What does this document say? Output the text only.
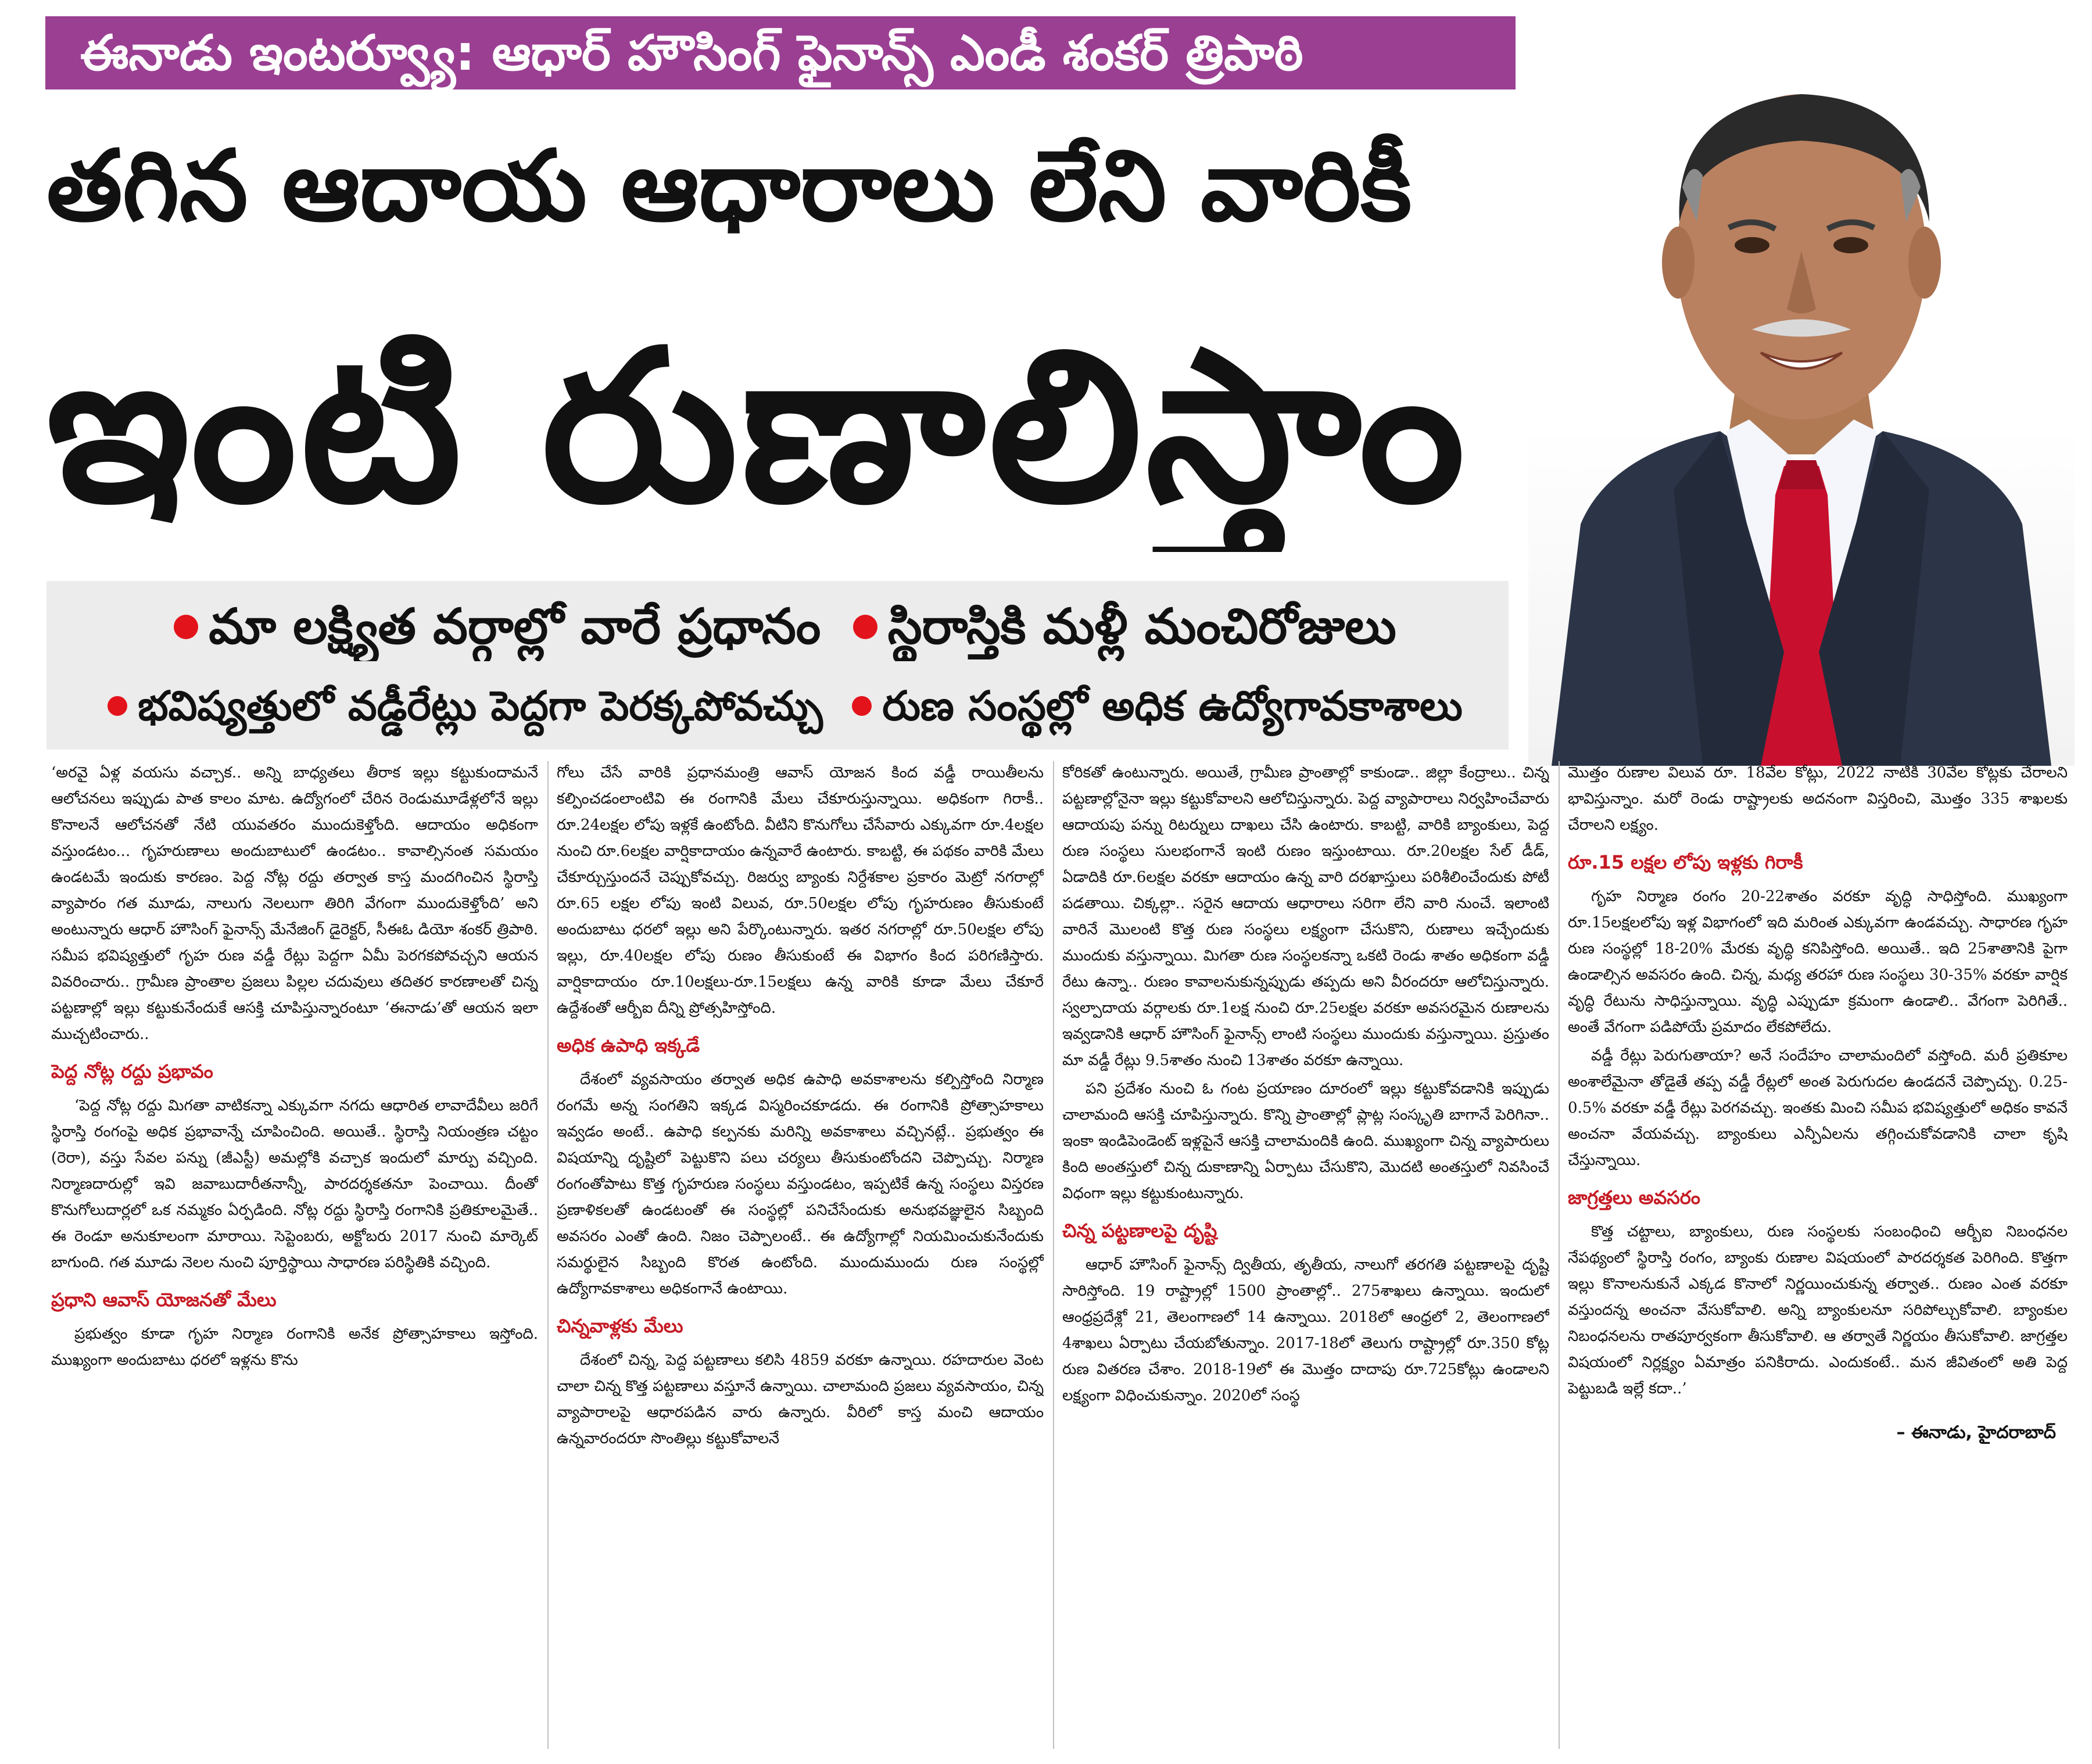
ఈనాడు ఇంటర్వ్యూ: ఆధార్ హౌసింగ్ ఫైనాన్స్ ఎండీ శంకర్ త్రిపాఠి
తగిన ఆదాయ ఆధారాలు లేని వారికీ
ఇంటి రుణాలిస్తాం
మా లక్ష్యిత వర్గాల్లో వారే ప్రధానం స్థిరాస్తికి మళ్లీ మంచిరోజులు
భవిష్యత్తులో వడ్డీరేట్లు పెద్దగా పెరక్కపోవచ్చు రుణ సంస్థల్లో అధిక ఉద్యోగావకాశాలు

‘అరవై ఏళ్ల వయసు వచ్చాక.. అన్ని బాధ్యతలు తీరాక ఇల్లు కట్టుకుందామనే ఆలోచనలు ఇప్పుడు పాత కాలం మాట. ఉద్యోగంలో చేరిన రెండుమూడేళ్లలోనే ఇల్లు కొనాలనే ఆలోచనతో నేటి యువతరం ముందుకెళ్తోంది. ఆదాయం అధికంగా వస్తుండటం... గృహరుణాలు అందుబాటులో ఉండటం.. కావాల్సినంత సమయం ఉండటమే ఇందుకు కారణం. పెద్ద నోట్ల రద్దు తర్వాత కాస్త మందగించిన స్థిరాస్తి వ్యాపారం గత మూడు, నాలుగు నెలలుగా తిరిగి వేగంగా ముందుకెళ్తోంది’ అని అంటున్నారు ఆధార్ హౌసింగ్ ఫైనాన్స్ మేనేజింగ్ డైరెక్టర్, సీఈఓ డియో శంకర్ త్రిపాఠి. సమీప భవిష్యత్తులో గృహ రుణ వడ్డీ రేట్లు పెద్దగా ఏమీ పెరగకపోవచ్చని ఆయన వివరించారు.. గ్రామీణ ప్రాంతాల ప్రజలు పిల్లల చదువులు తదితర కారణాలతో చిన్న పట్టణాల్లో ఇల్లు కట్టుకునేందుకే ఆసక్తి చూపిస్తున్నారంటూ ‘ఈనాడు’తో ఆయన ఇలా ముచ్చటించారు..

పెద్ద నోట్ల రద్దు ప్రభావం

‘పెద్ద నోట్ల రద్దు మిగతా వాటికన్నా ఎక్కువగా నగదు ఆధారిత లావాదేవీలు జరిగే స్థిరాస్తి రంగంపై అధిక ప్రభావాన్నే చూపించింది. అయితే.. స్థిరాస్తి నియంత్రణ చట్టం (రెరా), వస్తు సేవల పన్ను (జీఎస్టీ) అమల్లోకి వచ్చాక ఇందులో మార్పు వచ్చింది. నిర్మాణదారుల్లో ఇవి జవాబుదారీతనాన్నీ, పారదర్శకతనూ పెంచాయి. దీంతో కొనుగోలుదార్లలో ఒక నమ్మకం ఏర్పడింది. నోట్ల రద్దు స్థిరాస్తి రంగానికి ప్రతికూలమైతే.. ఈ రెండూ అనుకూలంగా మారాయి. సెప్టెంబరు, అక్టోబరు 2017 నుంచి మార్కెట్ బాగుంది. గత మూడు నెలల నుంచి పూర్తిస్థాయి సాధారణ పరిస్థితికి వచ్చింది.

ప్రధాని ఆవాస్ యోజనతో మేలు

ప్రభుత్వం కూడా గృహ నిర్మాణ రంగానికి అనేక ప్రోత్సాహకాలు ఇస్తోంది. ముఖ్యంగా అందుబాటు ధరలో ఇళ్లను కొను

గోలు చేసే వారికి ప్రధానమంత్రి ఆవాస్ యోజన కింద వడ్డీ రాయితీలను కల్పించడంలాంటివి ఈ రంగానికి మేలు చేకూరుస్తున్నాయి. అధికంగా గిరాకీ.. రూ.24లక్షల లోపు ఇళ్లకే ఉంటోంది. వీటిని కొనుగోలు చేసేవారు ఎక్కువగా రూ.4లక్షల నుంచి రూ.6లక్షల వార్షికాదాయం ఉన్నవారే ఉంటారు. కాబట్టి, ఈ పథకం వారికి మేలు చేకూర్చుస్తుందనే చెప్పుకోవచ్చు. రిజర్వు బ్యాంకు నిర్దేశకాల ప్రకారం మెట్రో నగరాల్లో రూ.65 లక్షల లోపు ఇంటి విలువ, రూ.50లక్షల లోపు గృహరుణం తీసుకుంటే అందుబాటు ధరలో ఇల్లు అని పేర్కొంటున్నారు. ఇతర నగరాల్లో రూ.50లక్షల లోపు ఇల్లు, రూ.40లక్షల లోపు రుణం తీసుకుంటే ఈ విభాగం కింద పరిగణిస్తారు. వార్షికాదాయం రూ.10లక్షలు-రూ.15లక్షలు ఉన్న వారికి కూడా మేలు చేకూరే ఉద్దేశంతో ఆర్బీఐ దీన్ని ప్రోత్సహిస్తోంది.

అధిక ఉపాధి ఇక్కడే

దేశంలో వ్యవసాయం తర్వాత అధిక ఉపాధి అవకాశాలను కల్పిస్తోంది నిర్మాణ రంగమే అన్న సంగతిని ఇక్కడ విస్మరించకూడదు. ఈ రంగానికి ప్రోత్సాహకాలు ఇవ్వడం అంటే.. ఉపాధి కల్పనకు మరిన్ని అవకాశాలు వచ్చినట్లే.. ప్రభుత్వం ఈ విషయాన్ని దృష్టిలో పెట్టుకొని పలు చర్యలు తీసుకుంటోందని చెప్పొచ్చు. నిర్మాణ రంగంతోపాటు కొత్త గృహరుణ సంస్థలు వస్తుండటం, ఇప్పటికే ఉన్న సంస్థలు విస్తరణ ప్రణాళికలతో ఉండటంతో ఈ సంస్థల్లో పనిచేసేందుకు అనుభవజ్ఞులైన సిబ్బంది అవసరం ఎంతో ఉంది. నిజం చెప్పాలంటే.. ఈ ఉద్యోగాల్లో నియమించుకునేందుకు సమర్థులైన సిబ్బంది కొరత ఉంటోంది. ముందుముందు రుణ సంస్థల్లో ఉద్యోగావకాశాలు అధికంగానే ఉంటాయి.

చిన్నవాళ్లకు మేలు

దేశంలో చిన్న, పెద్ద పట్టణాలు కలిసి 4859 వరకూ ఉన్నాయి. రహదారుల వెంట చాలా చిన్న కొత్త పట్టణాలు వస్తూనే ఉన్నాయి. చాలామంది ప్రజలు వ్యవసాయం, చిన్న వ్యాపారాలపై ఆధారపడిన వారు ఉన్నారు. వీరిలో కాస్త మంచి ఆదాయం ఉన్నవారందరూ సొంతిల్లు కట్టుకోవాలనే

కోరికతో ఉంటున్నారు. అయితే, గ్రామీణ ప్రాంతాల్లో కాకుండా.. జిల్లా కేంద్రాలు.. చిన్న పట్టణాల్లోనైనా ఇల్లు కట్టుకోవాలని ఆలోచిస్తున్నారు. పెద్ద వ్యాపారాలు నిర్వహించేవారు ఆదాయపు పన్ను రిటర్నులు దాఖలు చేసి ఉంటారు. కాబట్టి, వారికి బ్యాంకులు, పెద్ద రుణ సంస్థలు సులభంగానే ఇంటి రుణం ఇస్తుంటాయి. రూ.20లక్షల సేల్ డీడ్, ఏడాదికి రూ.6లక్షల వరకూ ఆదాయం ఉన్న వారి దరఖాస్తులు పరిశీలించేందుకు పోటీ పడతాయి. చిక్కల్లా.. సరైన ఆదాయ ఆధారాలు సరిగా లేని వారి నుంచే. ఇలాంటి వారినే మొలంటి కొత్త రుణ సంస్థలు లక్ష్యంగా చేసుకొని, రుణాలు ఇచ్చేందుకు ముందుకు వస్తున్నాయి. మిగతా రుణ సంస్థలకన్నా ఒకటి రెండు శాతం అధికంగా వడ్డీ రేటు ఉన్నా.. రుణం కావాలనుకున్నప్పుడు తప్పదు అని వీరందరూ ఆలోచిస్తున్నారు. స్వల్పాదాయ వర్గాలకు రూ.1లక్ష నుంచి రూ.25లక్షల వరకూ అవసరమైన రుణాలను ఇవ్వడానికి ఆధార్ హౌసింగ్ ఫైనాన్స్ లాంటి సంస్థలు ముందుకు వస్తున్నాయి. ప్రస్తుతం మా వడ్డీ రేట్లు 9.5శాతం నుంచి 13శాతం వరకూ ఉన్నాయి.

పని ప్రదేశం నుంచి ఓ గంట ప్రయాణం దూరంలో ఇల్లు కట్టుకోవడానికి ఇప్పుడు చాలామంది ఆసక్తి చూపిస్తున్నారు. కొన్ని ప్రాంతాల్లో ప్లాట్ల సంస్కృతి బాగానే పెరిగినా.. ఇంకా ఇండిపెండెంట్ ఇళ్లపైనే ఆసక్తి చాలామందికి ఉంది. ముఖ్యంగా చిన్న వ్యాపారులు కింది అంతస్తులో చిన్న దుకాణాన్ని ఏర్పాటు చేసుకొని, మొదటి అంతస్తులో నివసించే విధంగా ఇల్లు కట్టుకుంటున్నారు.

చిన్న పట్టణాలపై దృష్టి

ఆధార్ హౌసింగ్ ఫైనాన్స్ ద్వితీయ, తృతీయ, నాలుగో తరగతి పట్టణాలపై దృష్టి సారిస్తోంది. 19 రాష్ట్రాల్లో 1500 ప్రాంతాల్లో.. 275శాఖలు ఉన్నాయి. ఇందులో ఆంధ్రప్రదేశ్లో 21, తెలంగాణలో 14 ఉన్నాయి. 2018లో ఆంధ్రలో 2, తెలంగాణలో 4శాఖలు ఏర్పాటు చేయబోతున్నాం. 2017-18లో తెలుగు రాష్ట్రాల్లో రూ.350 కోట్ల రుణ వితరణ చేశాం. 2018-19లో ఈ మొత్తం దాదాపు రూ.725కోట్లు ఉండాలని లక్ష్యంగా విధించుకున్నాం. 2020లో సంస్థ

మొత్తం రుణాల విలువ రూ. 18వేల కోట్లు, 2022 నాటికి 30వేల కోట్లకు చేరాలని భావిస్తున్నాం. మరో రెండు రాష్ట్రాలకు అదనంగా విస్తరించి, మొత్తం 335 శాఖలకు చేరాలని లక్ష్యం.

రూ.15 లక్షల లోపు ఇళ్లకు గిరాకీ

గృహ నిర్మాణ రంగం 20-22శాతం వరకూ వృద్ధి సాధిస్తోంది. ముఖ్యంగా రూ.15లక్షలలోపు ఇళ్ల విభాగంలో ఇది మరింత ఎక్కువగా ఉండవచ్చు. సాధారణ గృహ రుణ సంస్థల్లో 18-20% మేరకు వృద్ధి కనిపిస్తోంది. అయితే.. ఇది 25శాతానికి పైగా ఉండాల్సిన అవసరం ఉంది. చిన్న, మధ్య తరహా రుణ సంస్థలు 30-35% వరకూ వార్షిక వృద్ధి రేటును సాధిస్తున్నాయి. వృద్ధి ఎప్పుడూ క్రమంగా ఉండాలి.. వేగంగా పెరిగితే.. అంతే వేగంగా పడిపోయే ప్రమాదం లేకపోలేదు.

వడ్డీ రేట్లు పెరుగుతాయా? అనే సందేహం చాలామందిలో వస్తోంది. మరీ ప్రతికూల అంశాలేమైనా తోడైతే తప్ప వడ్డీ రేట్లలో అంత పెరుగుదల ఉండదనే చెప్పొచ్చు. 0.25-0.5% వరకూ వడ్డీ రేట్లు పెరగవచ్చు. ఇంతకు మించి సమీప భవిష్యత్తులో అధికం కావనే అంచనా వేయవచ్చు. బ్యాంకులు ఎన్పీఏలను తగ్గించుకోవడానికి చాలా కృషి చేస్తున్నాయి.

జాగ్రత్తలు అవసరం

కొత్త చట్టాలు, బ్యాంకులు, రుణ సంస్థలకు సంబంధించి ఆర్బీఐ నిబంధనల నేపథ్యంలో స్థిరాస్తి రంగం, బ్యాంకు రుణాల విషయంలో పారదర్శకత పెరిగింది. కొత్తగా ఇల్లు కొనాలనుకునే ఎక్కడ కొనాలో నిర్ణయించుకున్న తర్వాత.. రుణం ఎంత వరకూ వస్తుందన్న అంచనా వేసుకోవాలి. అన్ని బ్యాంకులనూ సరిపోల్చుకోవాలి. బ్యాంకుల నిబంధనలను రాతపూర్వకంగా తీసుకోవాలి. ఆ తర్వాతే నిర్ణయం తీసుకోవాలి. జాగ్రత్తల విషయంలో నిర్లక్ష్యం ఏమాత్రం పనికిరాదు. ఎందుకంటే.. మన జీవితంలో అతి పెద్ద పెట్టుబడి ఇల్లే కదా..’

– ఈనాడు, హైదరాబాద్
